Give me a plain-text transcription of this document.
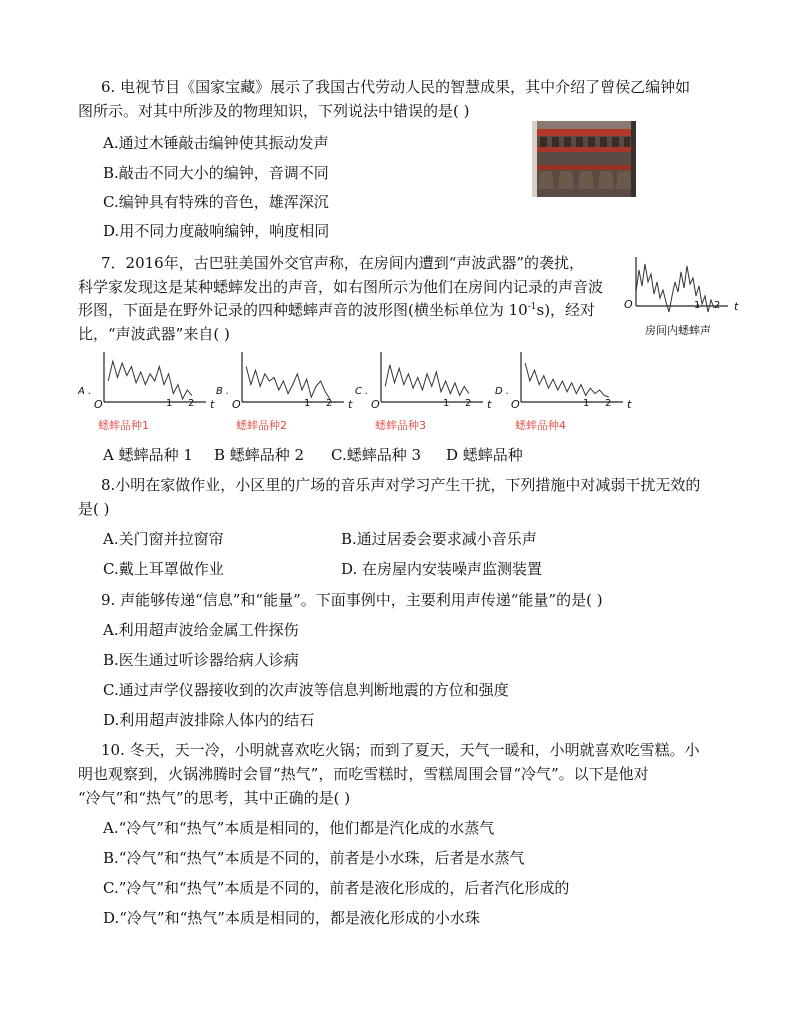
6. 电视节目《国家宝藏》展示了我国古代劳动人民的智慧成果，其中介绍了曾侯乙编钟如
图所示。对其中所涉及的物理知识，下列说法中错误的是( )
A.通过木锤敲击编钟使其振动发声
B.敲击不同大小的编钟，音调不同
C.编钟具有特殊的音色，雄浑深沉
D.用不同力度敲响编钟，响度相同
7．2016年，古巴驻美国外交官声称，在房间内遭到“声波武器”的袭扰，
科学家发现这是某种蟋蟀发出的声音，如右图所示为他们在房间内记录的声音波
形图，下面是在野外记录的四种蟋蟀声音的波形图(横坐标单位为 $10^{-1}s$)，经对
比，“声波武器”来自( )
O	1 2 t
房间内蟋蟀声
A .
O	1 2 t
蟋蟀品种1
B .
O	1 2 t
蟋蟀品种2
C .
O	1 2 t
蟋蟀品种3
D .
O	1 2 t
蟋蟀品种4
A 蟋蟀品种 1 B 蟋蟀品种 2 C.蟋蟀品种 3 D 蟋蟀品种
8.小明在家做作业，小区里的广场的音乐声对学习产生干扰，下列措施中对减弱干扰无效的
是( )
A.关门窗并拉窗帘	B.通过居委会要求减小音乐声
C.戴上耳罩做作业	D. 在房屋内安装噪声监测装置
9. 声能够传递“信息”和“能量”。下面事例中，主要利用声传递“能量”的是( )
A.利用超声波给金属工件探伤
B.医生通过听诊器给病人诊病
C.通过声学仪器接收到的次声波等信息判断地震的方位和强度
D.利用超声波排除人体内的结石
10. 冬天，天一冷，小明就喜欢吃火锅；而到了夏天，天气一暖和，小明就喜欢吃雪糕。小
明也观察到，火锅沸腾时会冒“热气”，而吃雪糕时，雪糕周围会冒“冷气”。以下是他对
“冷气”和“热气”的思考，其中正确的是( )
A.“冷气”和“热气”本质是相同的，他们都是汽化成的水蒸气
B.“冷气”和“热气”本质是不同的，前者是小水珠，后者是水蒸气
C.”冷气”和“热气”本质是不同的，前者是液化形成的，后者汽化形成的
D.“冷气”和“热气”本质是相同的，都是液化形成的小水珠
